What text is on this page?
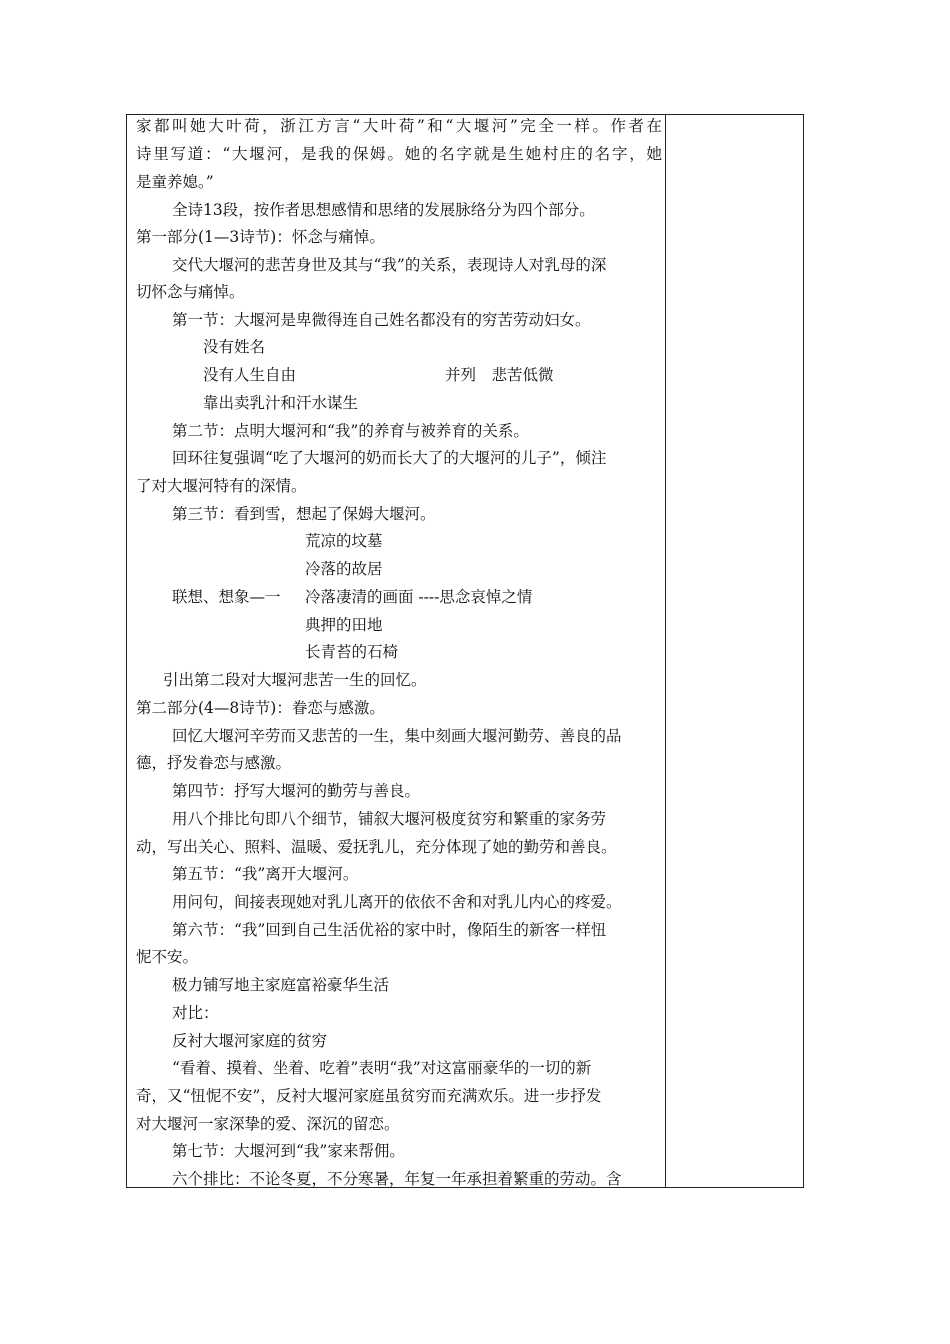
家都叫她大叶荷，浙江方言“大叶荷”和“大堰河”完全一样。作者在
诗里写道：“大堰河，是我的保姆。她的名字就是生她村庄的名字，她
是童养媳。”
全诗13段，按作者思想感情和思绪的发展脉络分为四个部分。
第一部分(1—3诗节)：怀念与痛悼。
交代大堰河的悲苦身世及其与“我”的关系，表现诗人对乳母的深
切怀念与痛悼。
第一节：大堰河是卑微得连自己姓名都没有的穷苦劳动妇女。
没有姓名
没有人生自由	并列　悲苦低微
靠出卖乳汁和汗水谋生
第二节：点明大堰河和“我”的养育与被养育的关系。
回环往复强调“吃了大堰河的奶而长大了的大堰河的儿子”，倾注
了对大堰河特有的深情。
第三节：看到雪，想起了保姆大堰河。
荒凉的坟墓
冷落的故居
联想、想象—一 冷落凄清的画面 ----思念哀悼之情
典押的田地
长青苔的石椅
引出第二段对大堰河悲苦一生的回忆。
第二部分(4—8诗节)：眷恋与感激。
回忆大堰河辛劳而又悲苦的一生，集中刻画大堰河勤劳、善良的品
德，抒发眷恋与感激。
第四节：抒写大堰河的勤劳与善良。
用八个排比句即八个细节，铺叙大堰河极度贫穷和繁重的家务劳
动，写出关心、照料、温暖、爱抚乳儿，充分体现了她的勤劳和善良。
第五节：“我”离开大堰河。
用问句，间接表现她对乳儿离开的依依不舍和对乳儿内心的疼爱。
第六节：“我”回到自己生活优裕的家中时，像陌生的新客一样忸
怩不安。
极力铺写地主家庭富裕豪华生活
对比：
反衬大堰河家庭的贫穷
“看着、摸着、坐着、吃着”表明“我”对这富丽豪华的一切的新
奇，又“忸怩不安”，反衬大堰河家庭虽贫穷而充满欢乐。进一步抒发
对大堰河一家深挚的爱、深沉的留恋。
第七节：大堰河到“我”家来帮佣。
六个排比：不论冬夏，不分寒暑，年复一年承担着繁重的劳动。含
